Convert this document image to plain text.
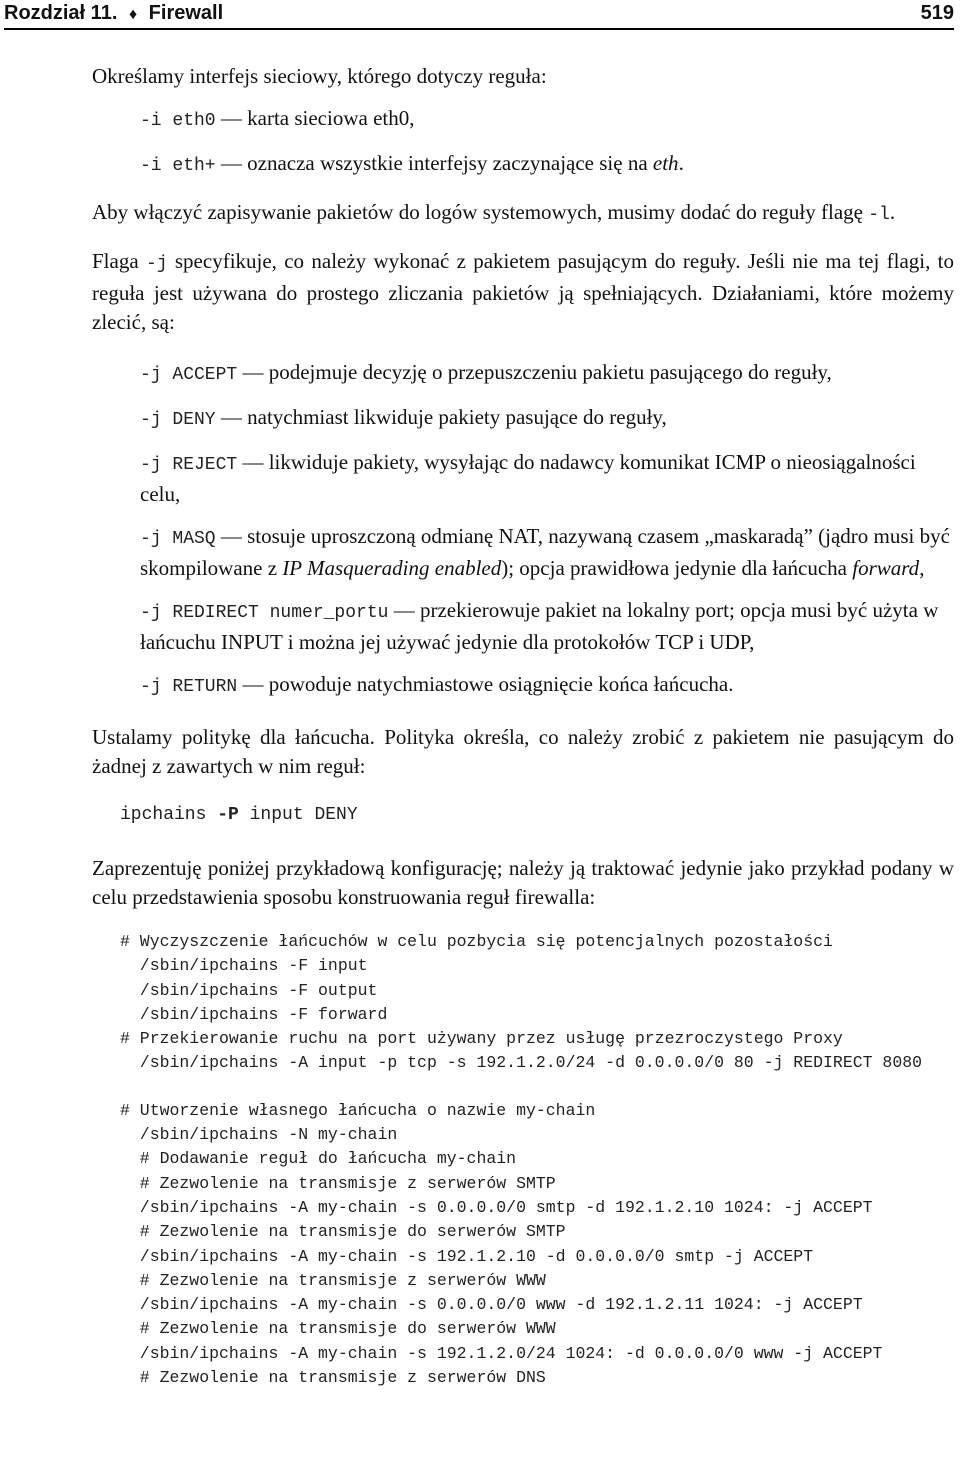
Rozdział 11. ♦ Firewall	519

Określamy interfejs sieciowy, którego dotyczy reguła:

-i eth0 — karta sieciowa eth0,

-i eth+ — oznacza wszystkie interfejsy zaczynające się na eth.

Aby włączyć zapisywanie pakietów do logów systemowych, musimy dodać do reguły flagę -l.

Flaga -j specyfikuje, co należy wykonać z pakietem pasującym do reguły. Jeśli nie ma tej flagi, to reguła jest używana do prostego zliczania pakietów ją spełniających. Działaniami, które możemy zlecić, są:

-j ACCEPT — podejmuje decyzję o przepuszczeniu pakietu pasującego do reguły,

-j DENY — natychmiast likwiduje pakiety pasujące do reguły,

-j REJECT — likwiduje pakiety, wysyłając do nadawcy komunikat ICMP o nieosiągalności celu,

-j MASQ — stosuje uproszczoną odmianę NAT, nazywaną czasem „maskaradą” (jądro musi być skompilowane z IP Masquerading enabled); opcja prawidłowa jedynie dla łańcucha forward,

-j REDIRECT numer_portu — przekierowuje pakiet na lokalny port; opcja musi być użyta w łańcuchu INPUT i można jej używać jedynie dla protokołów TCP i UDP,

-j RETURN — powoduje natychmiastowe osiągnięcie końca łańcucha.

Ustalamy politykę dla łańcucha. Polityka określa, co należy zrobić z pakietem nie pasującym do żadnej z zawartych w nim reguł:

ipchains -P input DENY

Zaprezentuję poniżej przykładową konfigurację; należy ją traktować jedynie jako przykład podany w celu przedstawienia sposobu konstruowania reguł firewalla:

# Wyczyszczenie łańcuchów w celu pozbycia się potencjalnych pozostałości
/sbin/ipchains -F input
/sbin/ipchains -F output
/sbin/ipchains -F forward
# Przekierowanie ruchu na port używany przez usługę przezroczystego Proxy
/sbin/ipchains -A input -p tcp -s 192.1.2.0/24 -d 0.0.0.0/0 80 -j REDIRECT 8080
# Utworzenie własnego łańcucha o nazwie my-chain
/sbin/ipchains -N my-chain
# Dodawanie reguł do łańcucha my-chain
# Zezwolenie na transmisje z serwerów SMTP
/sbin/ipchains -A my-chain -s 0.0.0.0/0 smtp -d 192.1.2.10 1024: -j ACCEPT
# Zezwolenie na transmisje do serwerów SMTP
/sbin/ipchains -A my-chain -s 192.1.2.10 -d 0.0.0.0/0 smtp -j ACCEPT
# Zezwolenie na transmisje z serwerów WWW
/sbin/ipchains -A my-chain -s 0.0.0.0/0 www -d 192.1.2.11 1024: -j ACCEPT
# Zezwolenie na transmisje do serwerów WWW
/sbin/ipchains -A my-chain -s 192.1.2.0/24 1024: -d 0.0.0.0/0 www -j ACCEPT
# Zezwolenie na transmisje z serwerów DNS
